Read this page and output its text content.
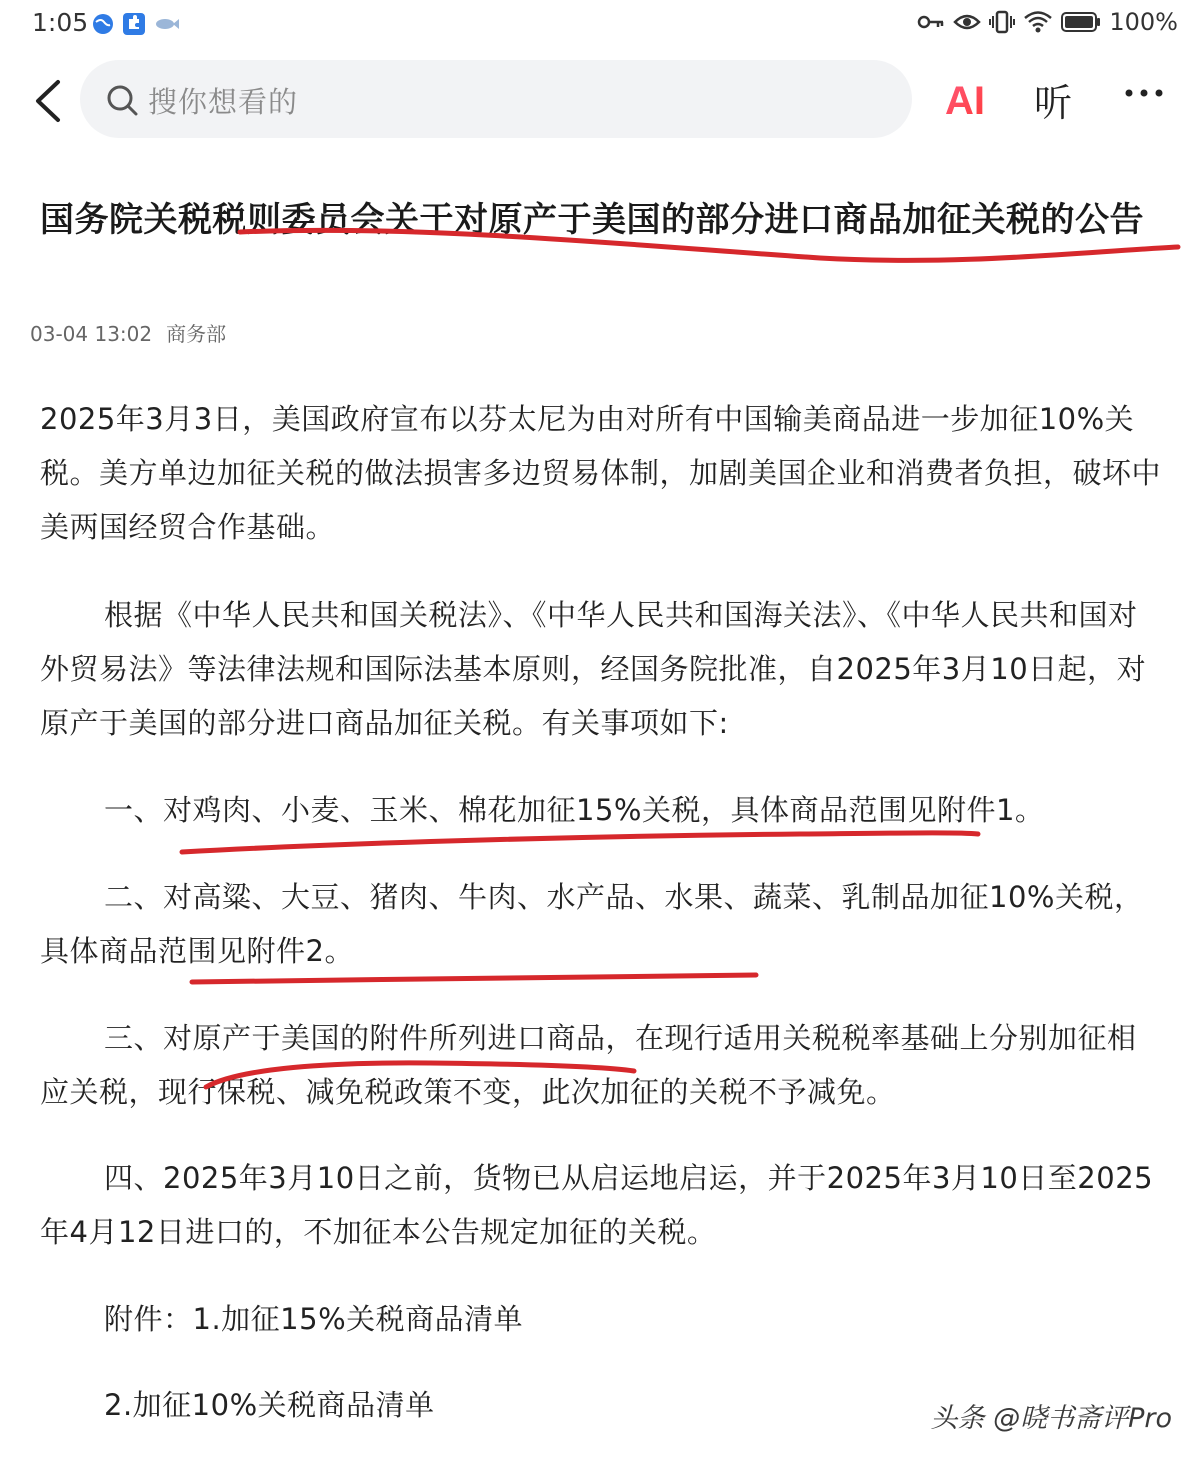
1:05	100%
搜你想看的	AI 听
国务院关税税则委员会关于对原产于美国的部分进口商品加征关税的公告
03-04 13:02 商务部

2025年3月3日，美国政府宣布以芬太尼为由对所有中国输美商品进一步加征10%关税。美方单边加征关税的做法损害多边贸易体制，加剧美国企业和消费者负担，破坏中美两国经贸合作基础。

根据《中华人民共和国关税法》、《中华人民共和国海关法》、《中华人民共和国对外贸易法》等法律法规和国际法基本原则，经国务院批准，自2025年3月10日起，对原产于美国的部分进口商品加征关税。有关事项如下:

一、对鸡肉、小麦、玉米、棉花加征15%关税，具体商品范围见附件1。

二、对高粱、大豆、猪肉、牛肉、水产品、水果、蔬菜、乳制品加征10%关税，具体商品范围见附件2。

三、对原产于美国的附件所列进口商品，在现行适用关税税率基础上分别加征相应关税，现行保税、减免税政策不变，此次加征的关税不予减免。

四、2025年3月10日之前，货物已从启运地启运，并于2025年3月10日至2025年4月12日进口的，不加征本公告规定加征的关税。

附件：1.加征15%关税商品清单

2.加征10%关税商品清单	头条 @晓书斋评Pro
